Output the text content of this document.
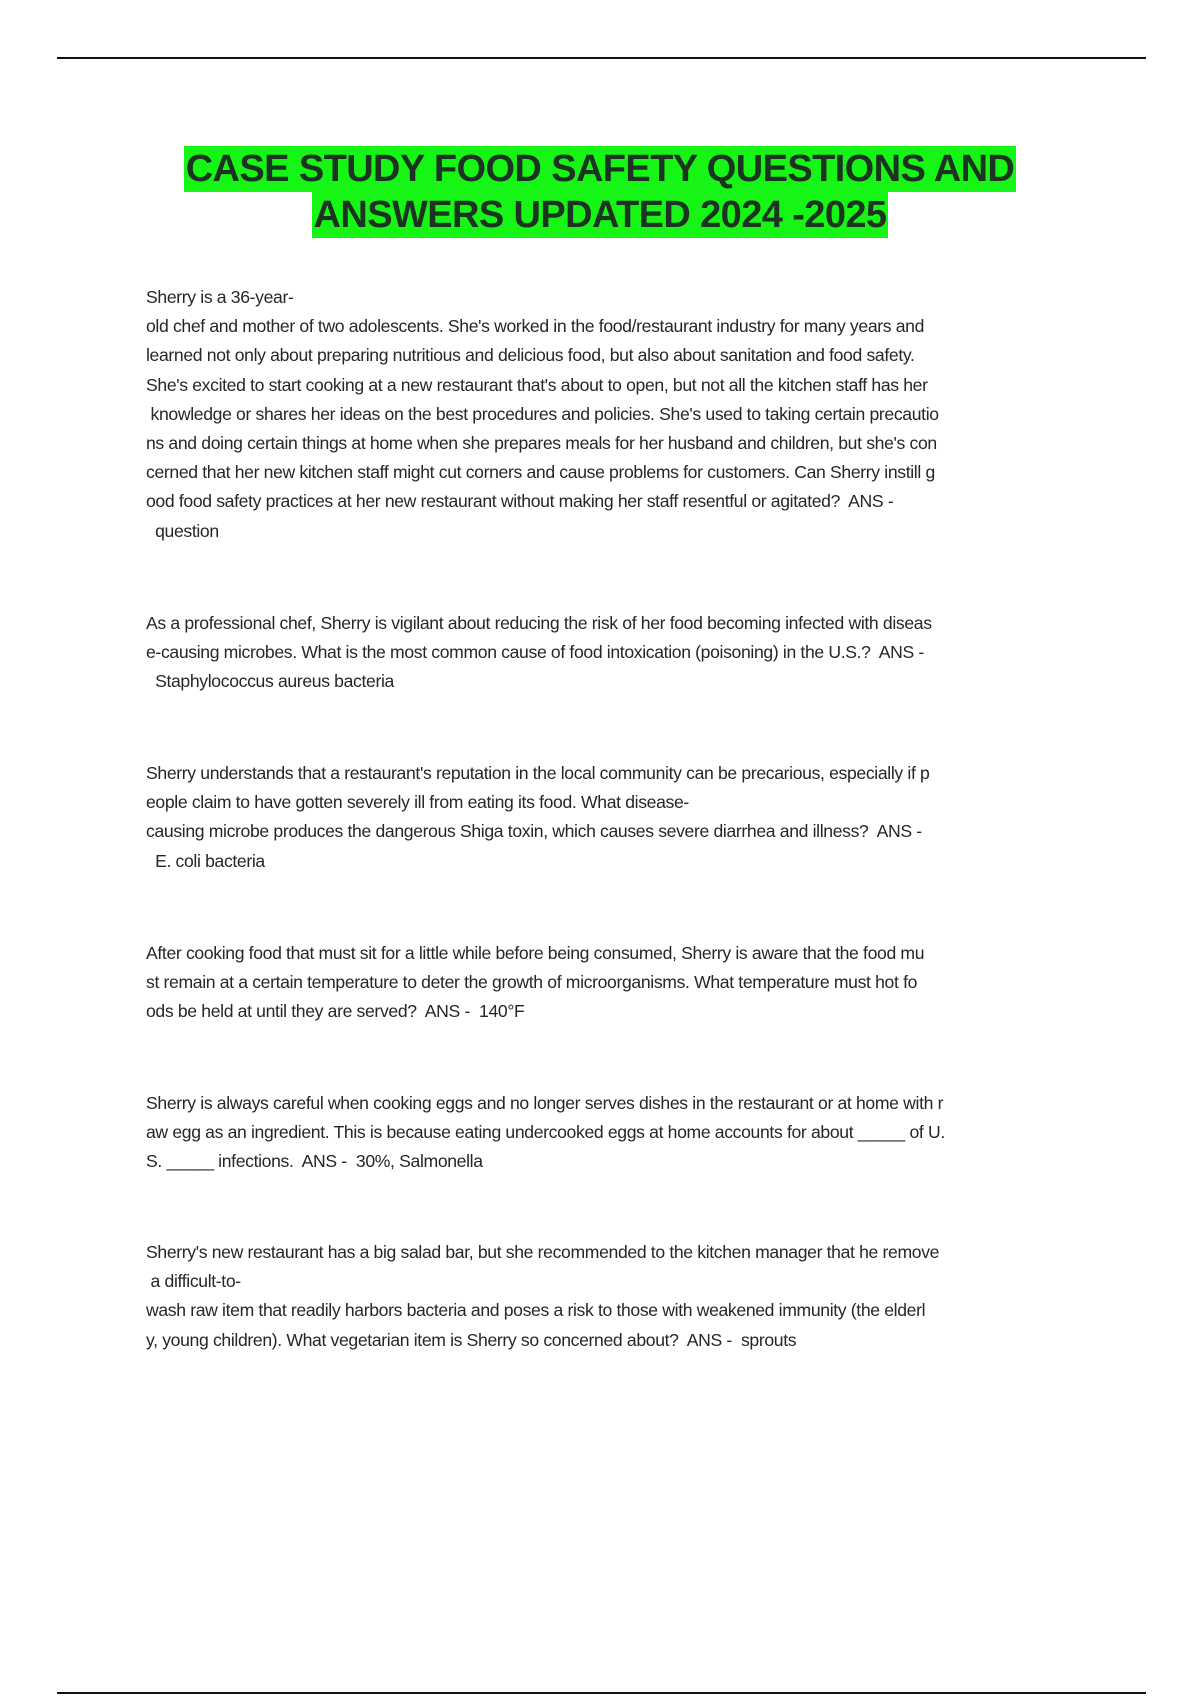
CASE STUDY FOOD SAFETY QUESTIONS AND
ANSWERS UPDATED 2024 -2025
Sherry is a 36-year-
old chef and mother of two adolescents. She's worked in the food/restaurant industry for many years and
learned not only about preparing nutritious and delicious food, but also about sanitation and food safety.
She's excited to start cooking at a new restaurant that's about to open, but not all the kitchen staff has her
knowledge or shares her ideas on the best procedures and policies. She's used to taking certain precautio
ns and doing certain things at home when she prepares meals for her husband and children, but she's con
cerned that her new kitchen staff might cut corners and cause problems for customers. Can Sherry instill g
ood food safety practices at her new restaurant without making her staff resentful or agitated?  ANS -
question
As a professional chef, Sherry is vigilant about reducing the risk of her food becoming infected with diseas
e-causing microbes. What is the most common cause of food intoxication (poisoning) in the U.S.?  ANS -
Staphylococcus aureus bacteria
Sherry understands that a restaurant's reputation in the local community can be precarious, especially if p
eople claim to have gotten severely ill from eating its food. What disease-
causing microbe produces the dangerous Shiga toxin, which causes severe diarrhea and illness?  ANS -
E. coli bacteria
After cooking food that must sit for a little while before being consumed, Sherry is aware that the food mu
st remain at a certain temperature to deter the growth of microorganisms. What temperature must hot fo
ods be held at until they are served?  ANS -  140°F
Sherry is always careful when cooking eggs and no longer serves dishes in the restaurant or at home with r
aw egg as an ingredient. This is because eating undercooked eggs at home accounts for about _____ of U.
S. _____ infections.  ANS -  30%, Salmonella
Sherry's new restaurant has a big salad bar, but she recommended to the kitchen manager that he remove
a difficult-to-
wash raw item that readily harbors bacteria and poses a risk to those with weakened immunity (the elderl
y, young children). What vegetarian item is Sherry so concerned about?  ANS -  sprouts
